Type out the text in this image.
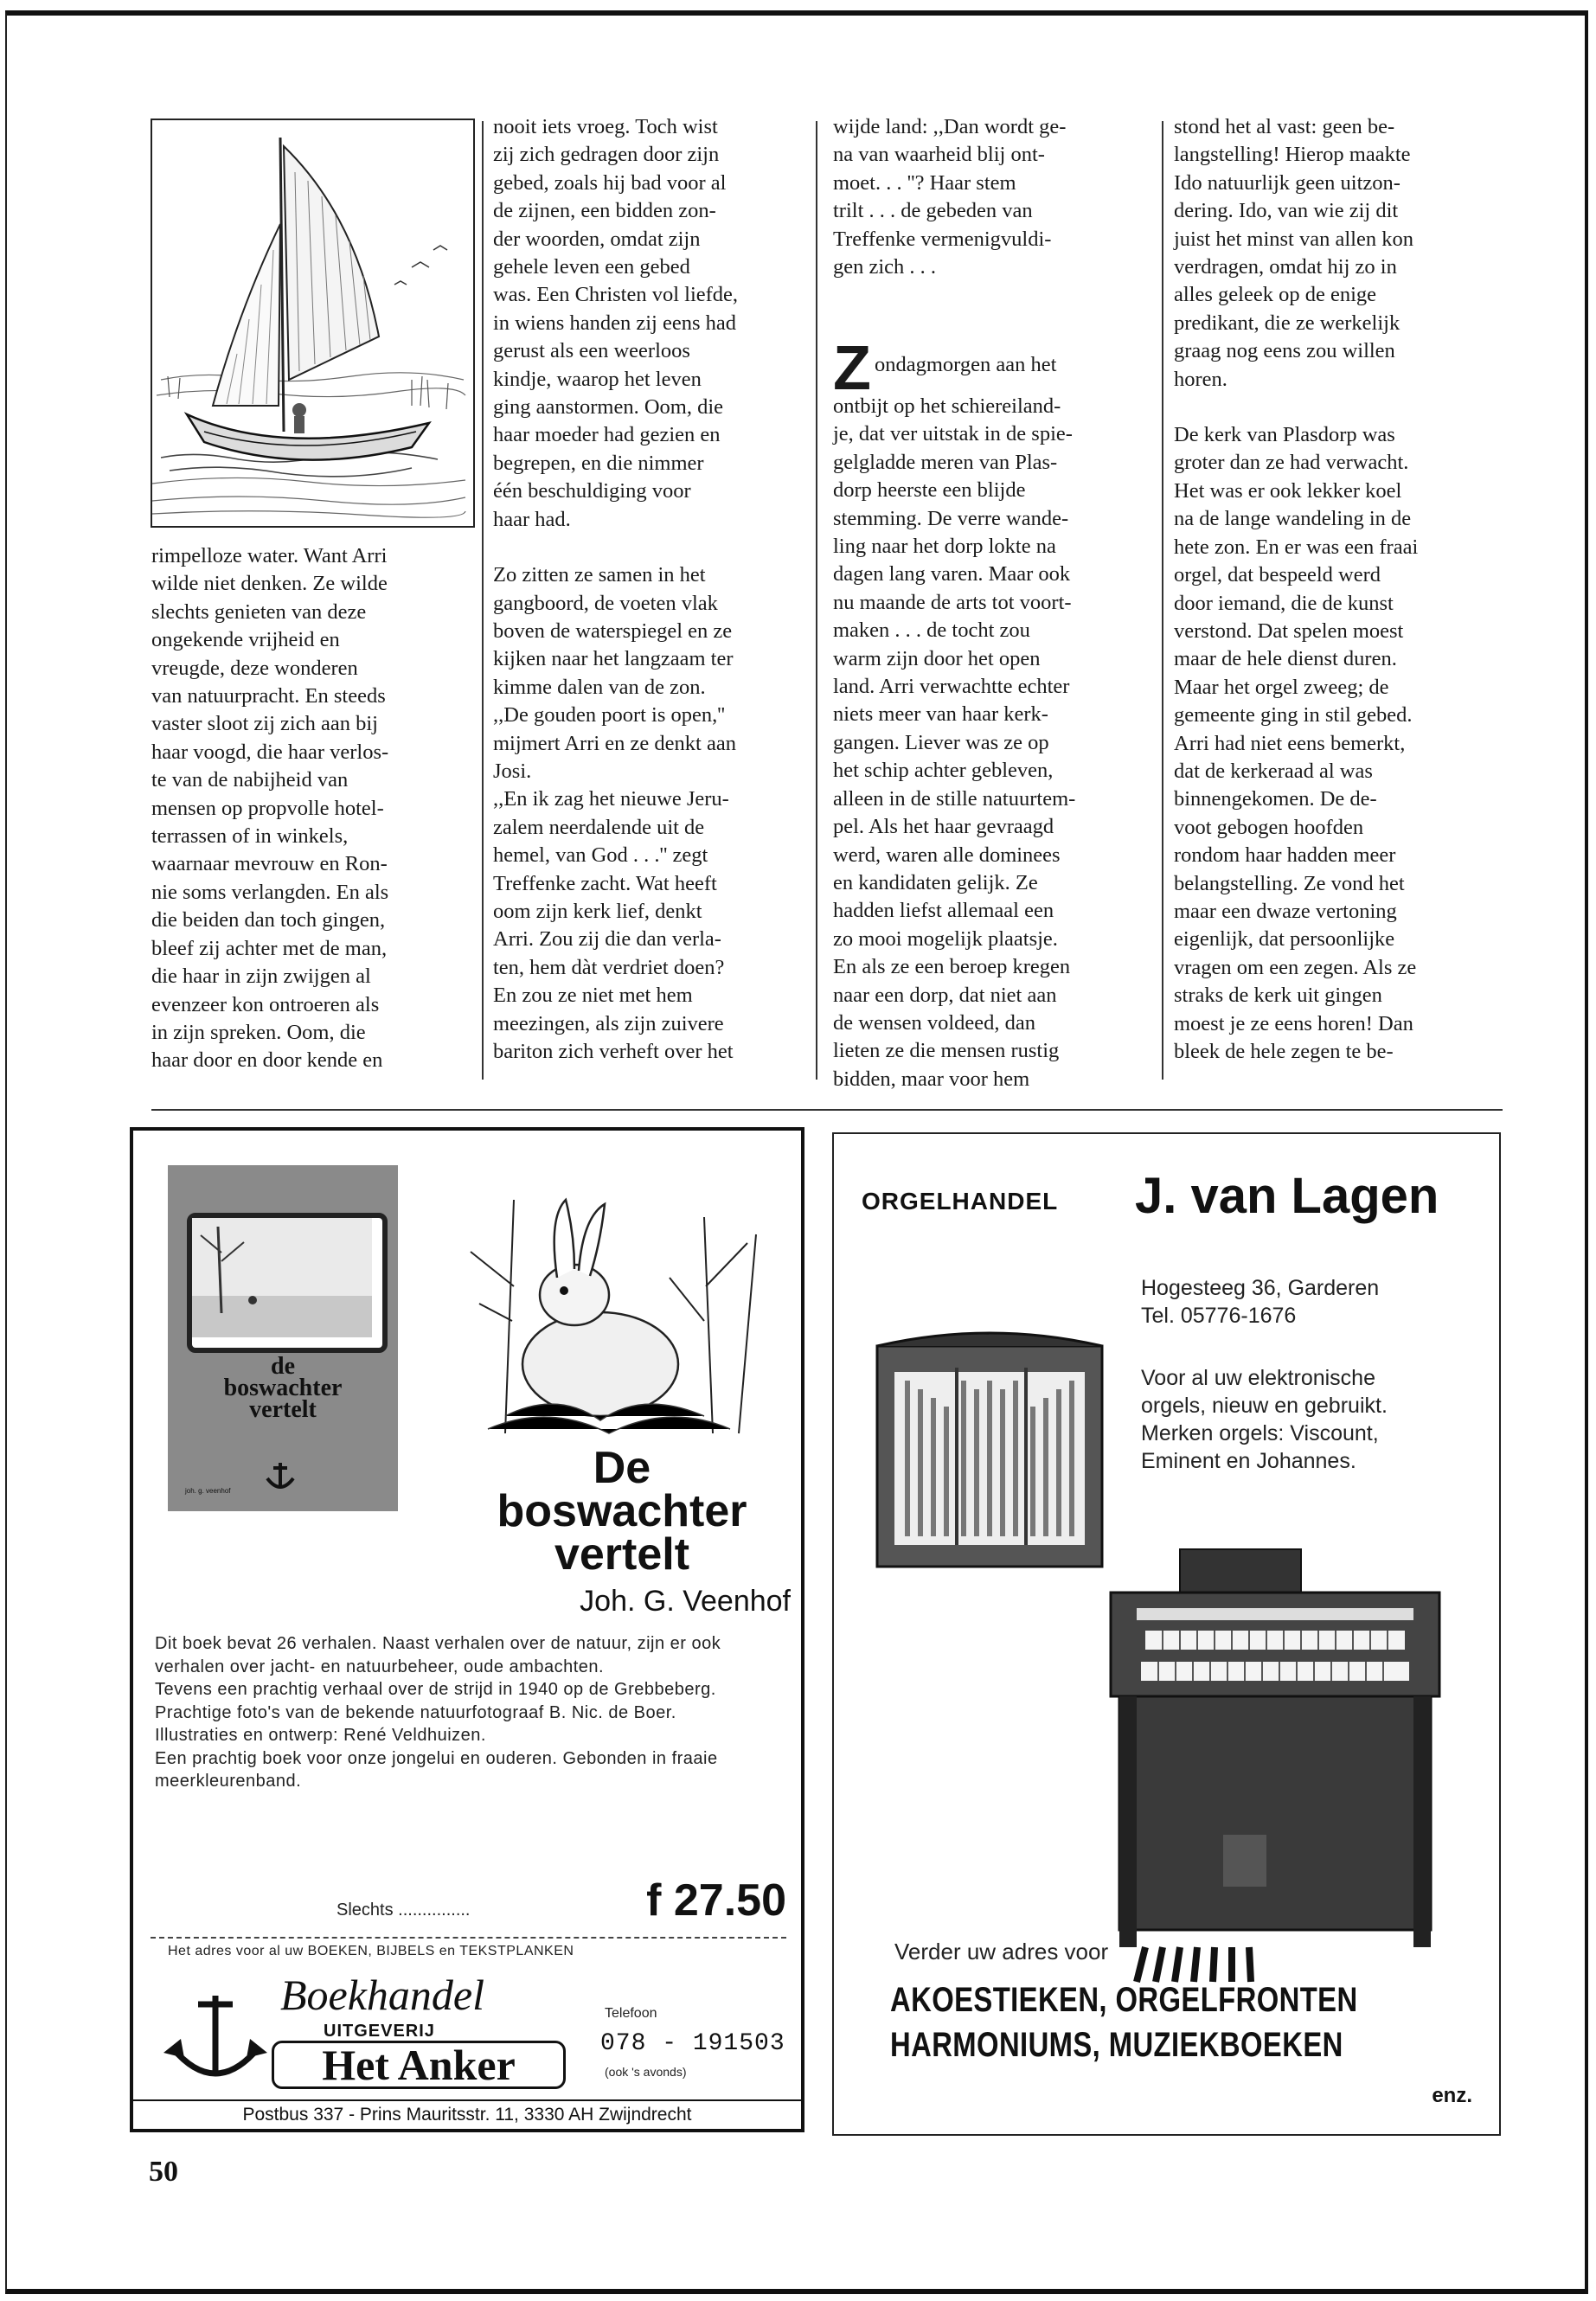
rimpelloze water. Want Arri
wilde niet denken. Ze wilde
slechts genieten van deze
ongekende vrijheid en
vreugde, deze wonderen
van natuurpracht. En steeds
vaster sloot zij zich aan bij
haar voogd, die haar verlos-
te van de nabijheid van
mensen op propvolle hotel-
terrassen of in winkels,
waarnaar mevrouw en Ron-
nie soms verlangden. En als
die beiden dan toch gingen,
bleef zij achter met de man,
die haar in zijn zwijgen al
evenzeer kon ontroeren als
in zijn spreken. Oom, die
haar door en door kende en
nooit iets vroeg. Toch wist
zij zich gedragen door zijn
gebed, zoals hij bad voor al
de zijnen, een bidden zon-
der woorden, omdat zijn
gehele leven een gebed
was. Een Christen vol liefde,
in wiens handen zij eens had
gerust als een weerloos
kindje, waarop het leven
ging aanstormen. Oom, die
haar moeder had gezien en
begrepen, en die nimmer
één beschuldiging voor
haar had.
Zo zitten ze samen in het
gangboord, de voeten vlak
boven de waterspiegel en ze
kijken naar het langzaam ter
kimme dalen van de zon.
,,De gouden poort is open,''
mijmert Arri en ze denkt aan
Josi.
,,En ik zag het nieuwe Jeru-
zalem neerdalende uit de
hemel, van God . . .'' zegt
Treffenke zacht. Wat heeft
oom zijn kerk lief, denkt
Arri. Zou zij die dan verla-
ten, hem dàt verdriet doen?
En zou ze niet met hem
meezingen, als zijn zuivere
bariton zich verheft over het
wijde land: ,,Dan wordt ge-
na van waarheid blij ont-
moet. . . ''? Haar stem
trilt . . . de gebeden van
Treffenke vermenigvuldi-
gen zich . . .
Z ondagmorgen aan het
ontbijt op het schiereiland-
je, dat ver uitstak in de spie-
gelgladde meren van Plas-
dorp heerste een blijde
stemming. De verre wande-
ling naar het dorp lokte na
dagen lang varen. Maar ook
nu maande de arts tot voort-
maken . . . de tocht zou
warm zijn door het open
land. Arri verwachtte echter
niets meer van haar kerk-
gangen. Liever was ze op
het schip achter gebleven,
alleen in de stille natuurtem-
pel. Als het haar gevraagd
werd, waren alle dominees
en kandidaten gelijk. Ze
hadden liefst allemaal een
zo mooi mogelijk plaatsje.
En als ze een beroep kregen
naar een dorp, dat niet aan
de wensen voldeed, dan
lieten ze die mensen rustig
bidden, maar voor hem
stond het al vast: geen be-
langstelling! Hierop maakte
Ido natuurlijk geen uitzon-
dering. Ido, van wie zij dit
juist het minst van allen kon
verdragen, omdat hij zo in
alles geleek op de enige
predikant, die ze werkelijk
graag nog eens zou willen
horen.
De kerk van Plasdorp was
groter dan ze had verwacht.
Het was er ook lekker koel
na de lange wandeling in de
hete zon. En er was een fraai
orgel, dat bespeeld werd
door iemand, die de kunst
verstond. Dat spelen moest
maar de hele dienst duren.
Maar het orgel zweeg; de
gemeente ging in stil gebed.
Arri had niet eens bemerkt,
dat de kerkeraad al was
binnengekomen. De de-
voot gebogen hoofden
rondom haar hadden meer
belangstelling. Ze vond het
maar een dwaze vertoning
eigenlijk, dat persoonlijke
vragen om een zegen. Als ze
straks de kerk uit gingen
moest je ze eens horen! Dan
bleek de hele zegen te be-
de
boswachter
vertelt
joh. g. veenhof	De
boswachter
vertelt
Joh. G. Veenhof
Dit boek bevat 26 verhalen. Naast verhalen over de natuur, zijn er ook verhalen over jacht- en natuurbeheer, oude ambachten.
Tevens een prachtig verhaal over de strijd in 1940 op de Grebbeberg.
Prachtige foto's van de bekende natuurfotograaf B. Nic. de Boer.
Illustraties en ontwerp: René Veldhuizen.
Een prachtig boek voor onze jongelui en ouderen. Gebonden in fraaie meerkleurenband.
Slechts ...............	f 27.50
Het adres voor al uw BOEKEN, BIJBELS en TEKSTPLANKEN
Boekhandel
UITGEVERIJ
Het Anker
Telefoon
078 - 191503
(ook 's avonds)
Postbus 337 - Prins Mauritsstr. 11, 3330 AH Zwijndrecht
ORGELHANDEL J. van Lagen
Hogesteeg 36, Garderen
Tel. 05776-1676
Voor al uw elektronische
orgels, nieuw en gebruikt.
Merken orgels: Viscount,
Eminent en Johannes.
Verder uw adres voor
AKOESTIEKEN, ORGELFRONTEN
HARMONIUMS, MUZIEKBOEKEN
enz.
50
